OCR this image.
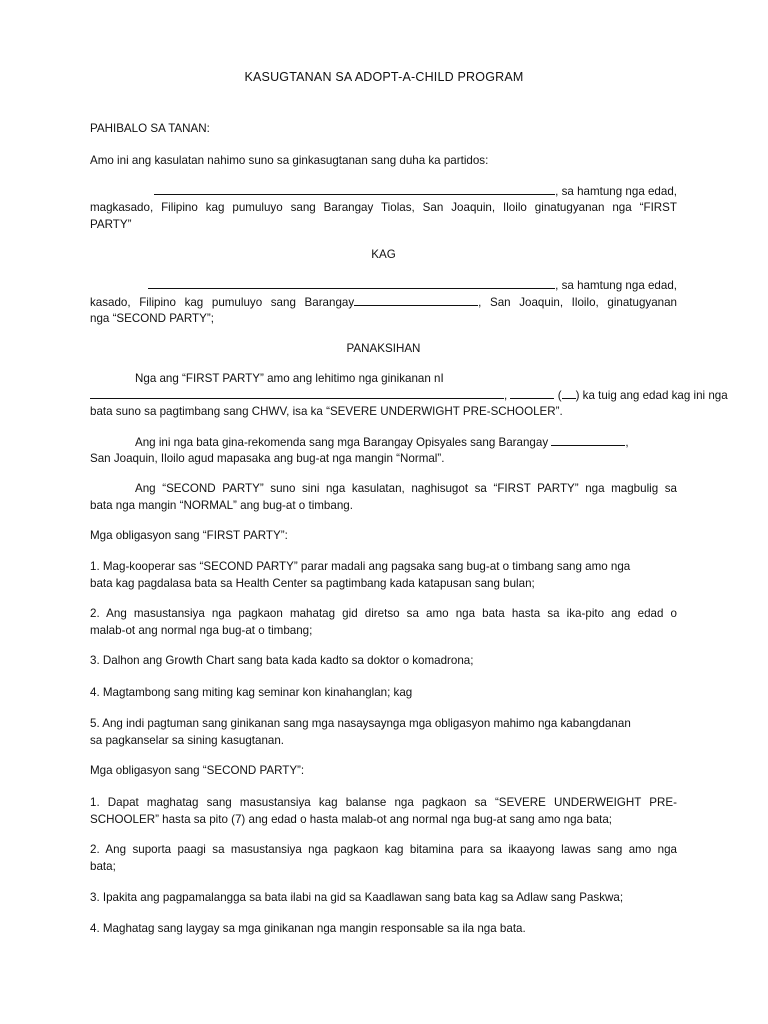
KASUGTANAN SA ADOPT-A-CHILD PROGRAM
PAHIBALO SA TANAN:
Amo ini ang kasulatan nahimo suno sa ginkasugtanan sang duha ka partidos:
, sa hamtung nga edad,
magkasado, Filipino kag pumuluyo sang Barangay Tiolas, San Joaquin, Iloilo ginatugyanan nga “FIRST
PARTY”
KAG
, sa hamtung nga edad,
kasado, Filipino kag pumuluyo sang Barangay	, San Joaquin, Iloilo, ginatugyanan
nga “SECOND PARTY”;
PANAKSIHAN
Nga ang “FIRST PARTY” amo ang lehitimo nga ginikanan nI
,	( ) ka tuig ang edad kag ini nga
bata suno sa pagtimbang sang CHWV, isa ka “SEVERE UNDERWIGHT PRE-SCHOOLER”.
Ang ini nga bata gina-rekomenda sang mga Barangay Opisyales sang Barangay	,
San Joaquin, Iloilo agud mapasaka ang bug-at nga mangin “Normal”.
Ang “SECOND PARTY” suno sini nga kasulatan, naghisugot sa “FIRST PARTY” nga magbulig sa
bata nga mangin “NORMAL” ang bug-at o timbang.
Mga obligasyon sang “FIRST PARTY”:
1. Mag-kooperar sas “SECOND PARTY” parar madali ang pagsaka sang bug-at o timbang sang amo nga
bata kag pagdalasa bata sa Health Center sa pagtimbang kada katapusan sang bulan;
2. Ang masustansiya nga pagkaon mahatag gid diretso sa amo nga bata hasta sa ika-pito ang edad o
malab-ot ang normal nga bug-at o timbang;
3. Dalhon ang Growth Chart sang bata kada kadto sa doktor o komadrona;
4. Magtambong sang miting kag seminar kon kinahanglan; kag
5. Ang indi pagtuman sang ginikanan sang mga nasaysaynga mga obligasyon mahimo nga kabangdanan
sa pagkanselar sa sining kasugtanan.
Mga obligasyon sang “SECOND PARTY”:
1. Dapat maghatag sang masustansiya kag balanse nga pagkaon sa “SEVERE UNDERWEIGHT PRE-
SCHOOLER” hasta sa pito (7) ang edad o hasta malab-ot ang normal nga bug-at sang amo nga bata;
2. Ang suporta paagi sa masustansiya nga pagkaon kag bitamina para sa ikaayong lawas sang amo nga
bata;
3. Ipakita ang pagpamalangga sa bata ilabi na gid sa Kaadlawan sang bata kag sa Adlaw sang Paskwa;
4. Maghatag sang laygay sa mga ginikanan nga mangin responsable sa ila nga bata.
